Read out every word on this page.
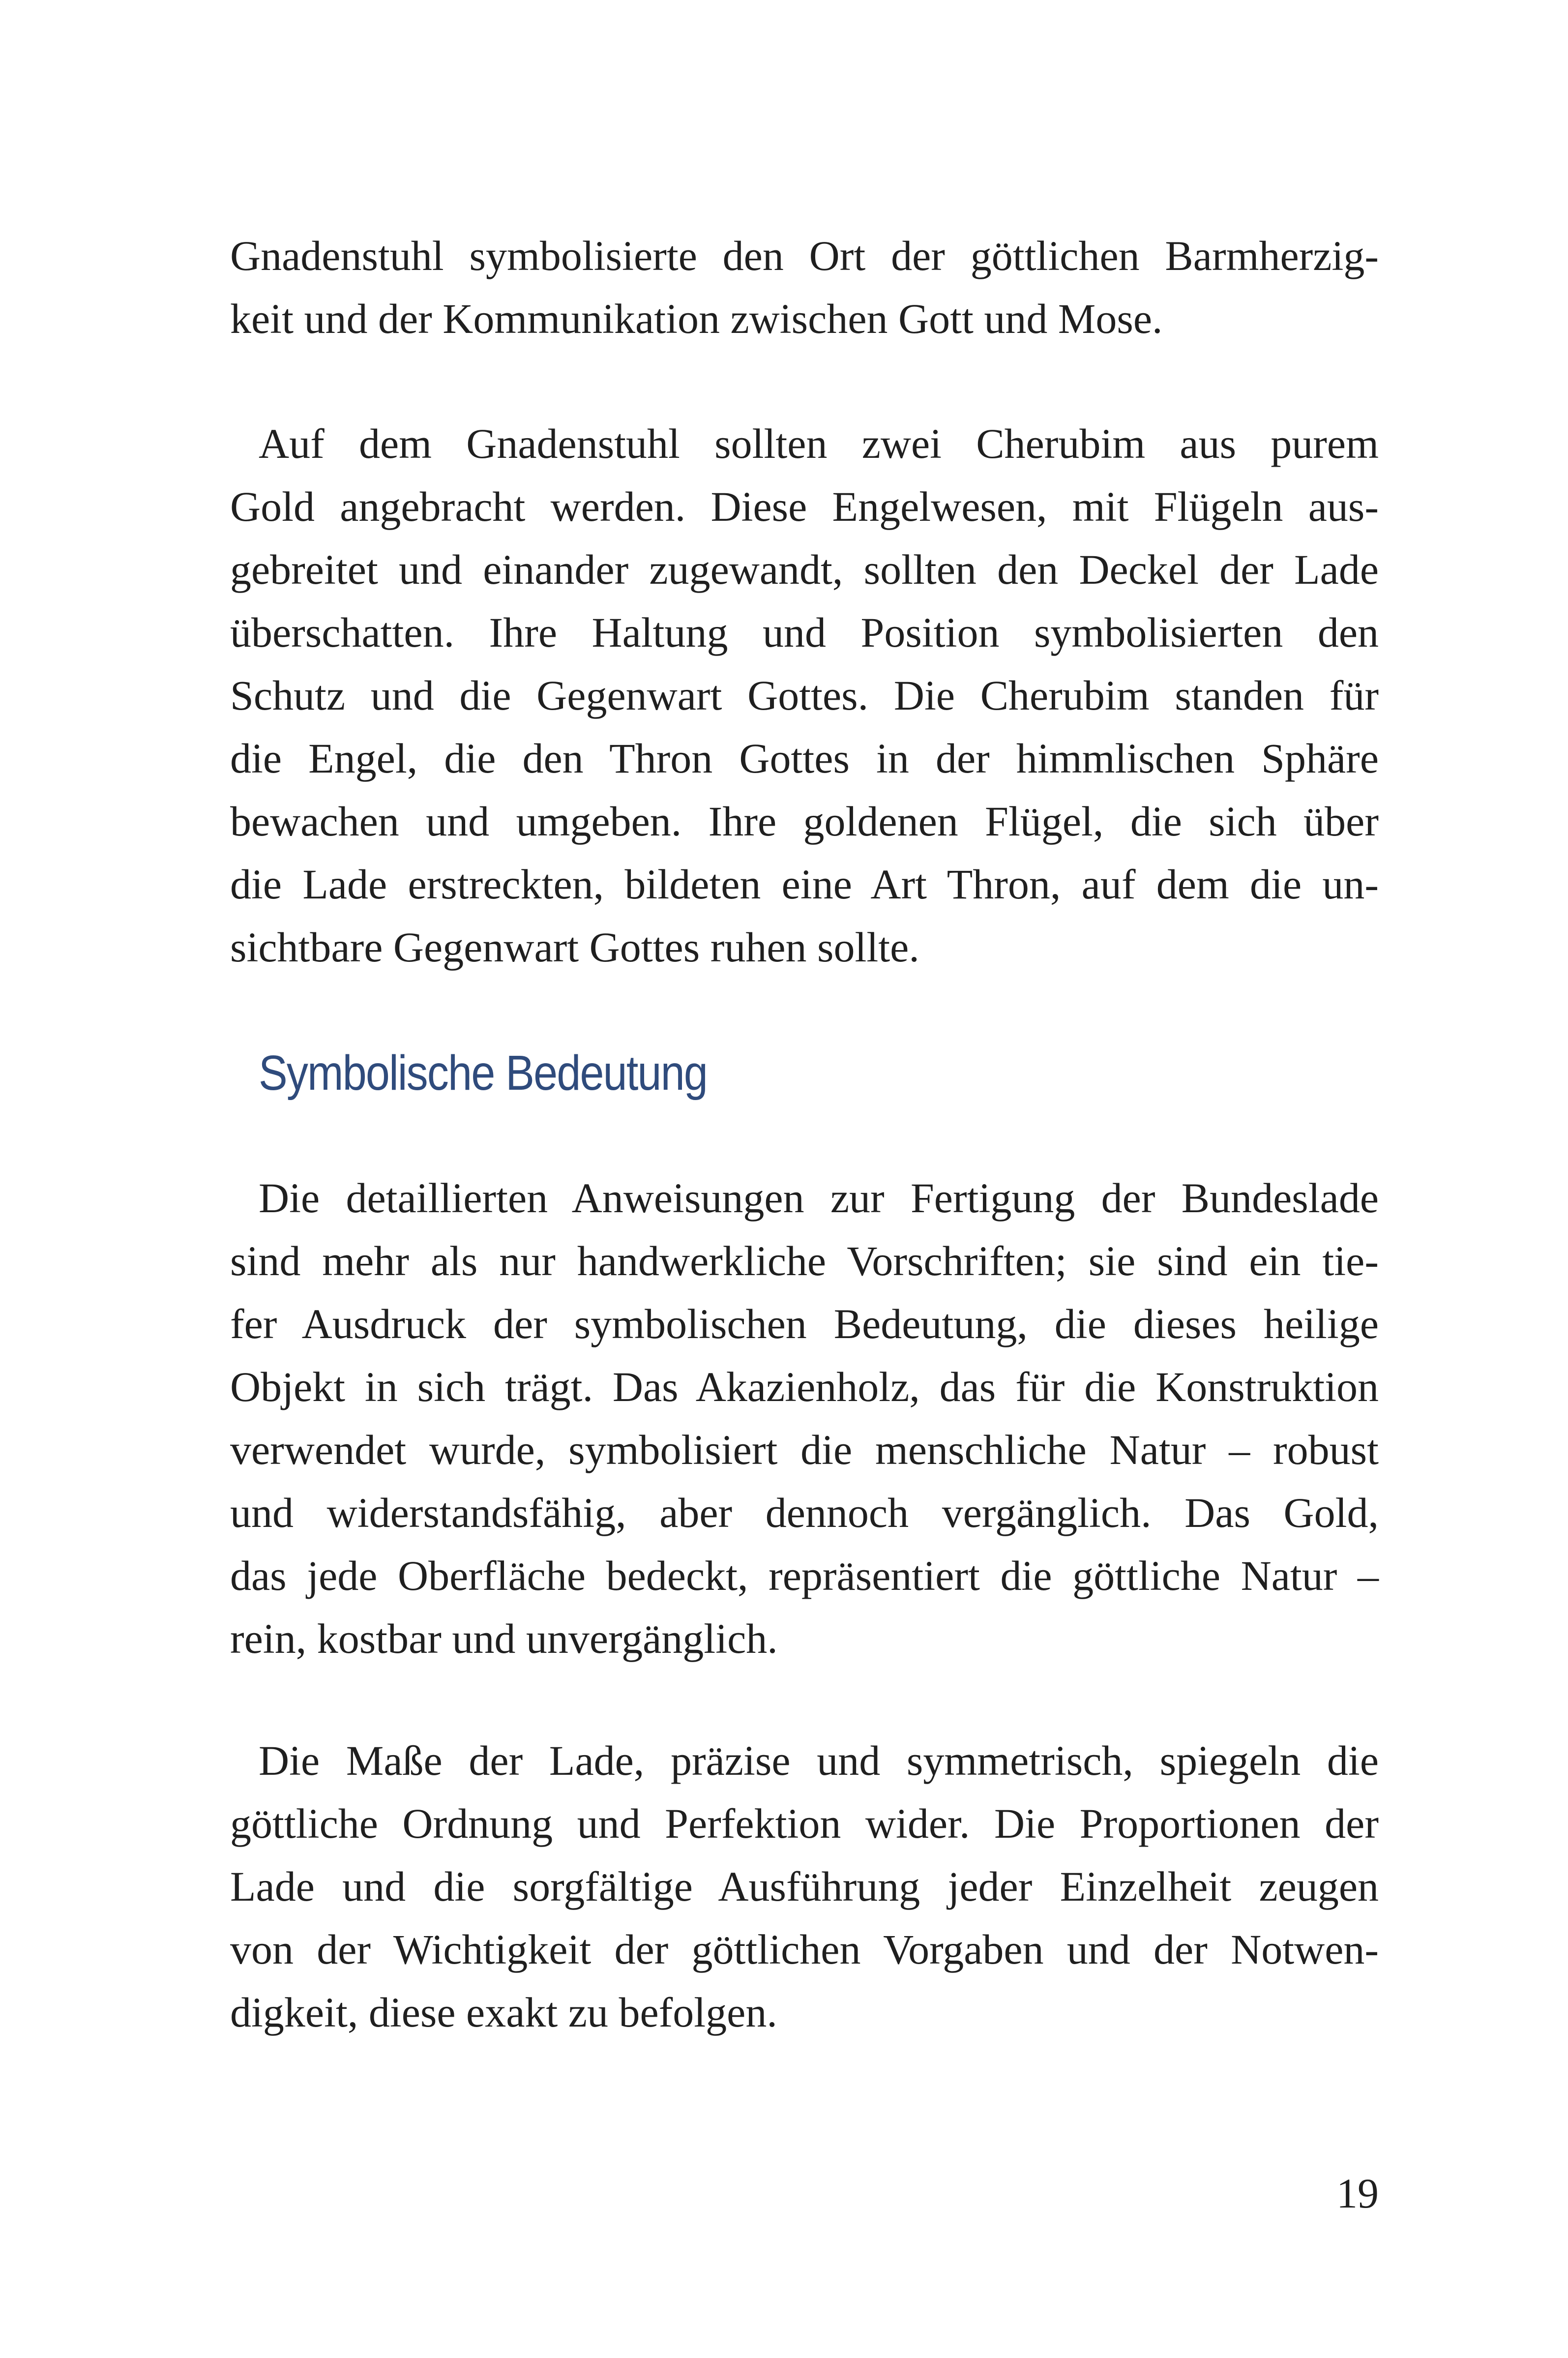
Gnadenstuhl symbolisierte den Ort der göttlichen Barmherzig-
keit und der Kommunikation zwischen Gott und Mose.
Auf dem Gnadenstuhl sollten zwei Cherubim aus purem
Gold angebracht werden. Diese Engelwesen, mit Flügeln aus-
gebreitet und einander zugewandt, sollten den Deckel der Lade
überschatten. Ihre Haltung und Position symbolisierten den
Schutz und die Gegenwart Gottes. Die Cherubim standen für
die Engel, die den Thron Gottes in der himmlischen Sphäre
bewachen und umgeben. Ihre goldenen Flügel, die sich über
die Lade erstreckten, bildeten eine Art Thron, auf dem die un-
sichtbare Gegenwart Gottes ruhen sollte.
Symbolische Bedeutung
Die detaillierten Anweisungen zur Fertigung der Bundeslade
sind mehr als nur handwerkliche Vorschriften; sie sind ein tie-
fer Ausdruck der symbolischen Bedeutung, die dieses heilige
Objekt in sich trägt. Das Akazienholz, das für die Konstruktion
verwendet wurde, symbolisiert die menschliche Natur – robust
und widerstandsfähig, aber dennoch vergänglich. Das Gold,
das jede Oberfläche bedeckt, repräsentiert die göttliche Natur –
rein, kostbar und unvergänglich.
Die Maße der Lade, präzise und symmetrisch, spiegeln die
göttliche Ordnung und Perfektion wider. Die Proportionen der
Lade und die sorgfältige Ausführung jeder Einzelheit zeugen
von der Wichtigkeit der göttlichen Vorgaben und der Notwen-
digkeit, diese exakt zu befolgen.
19
